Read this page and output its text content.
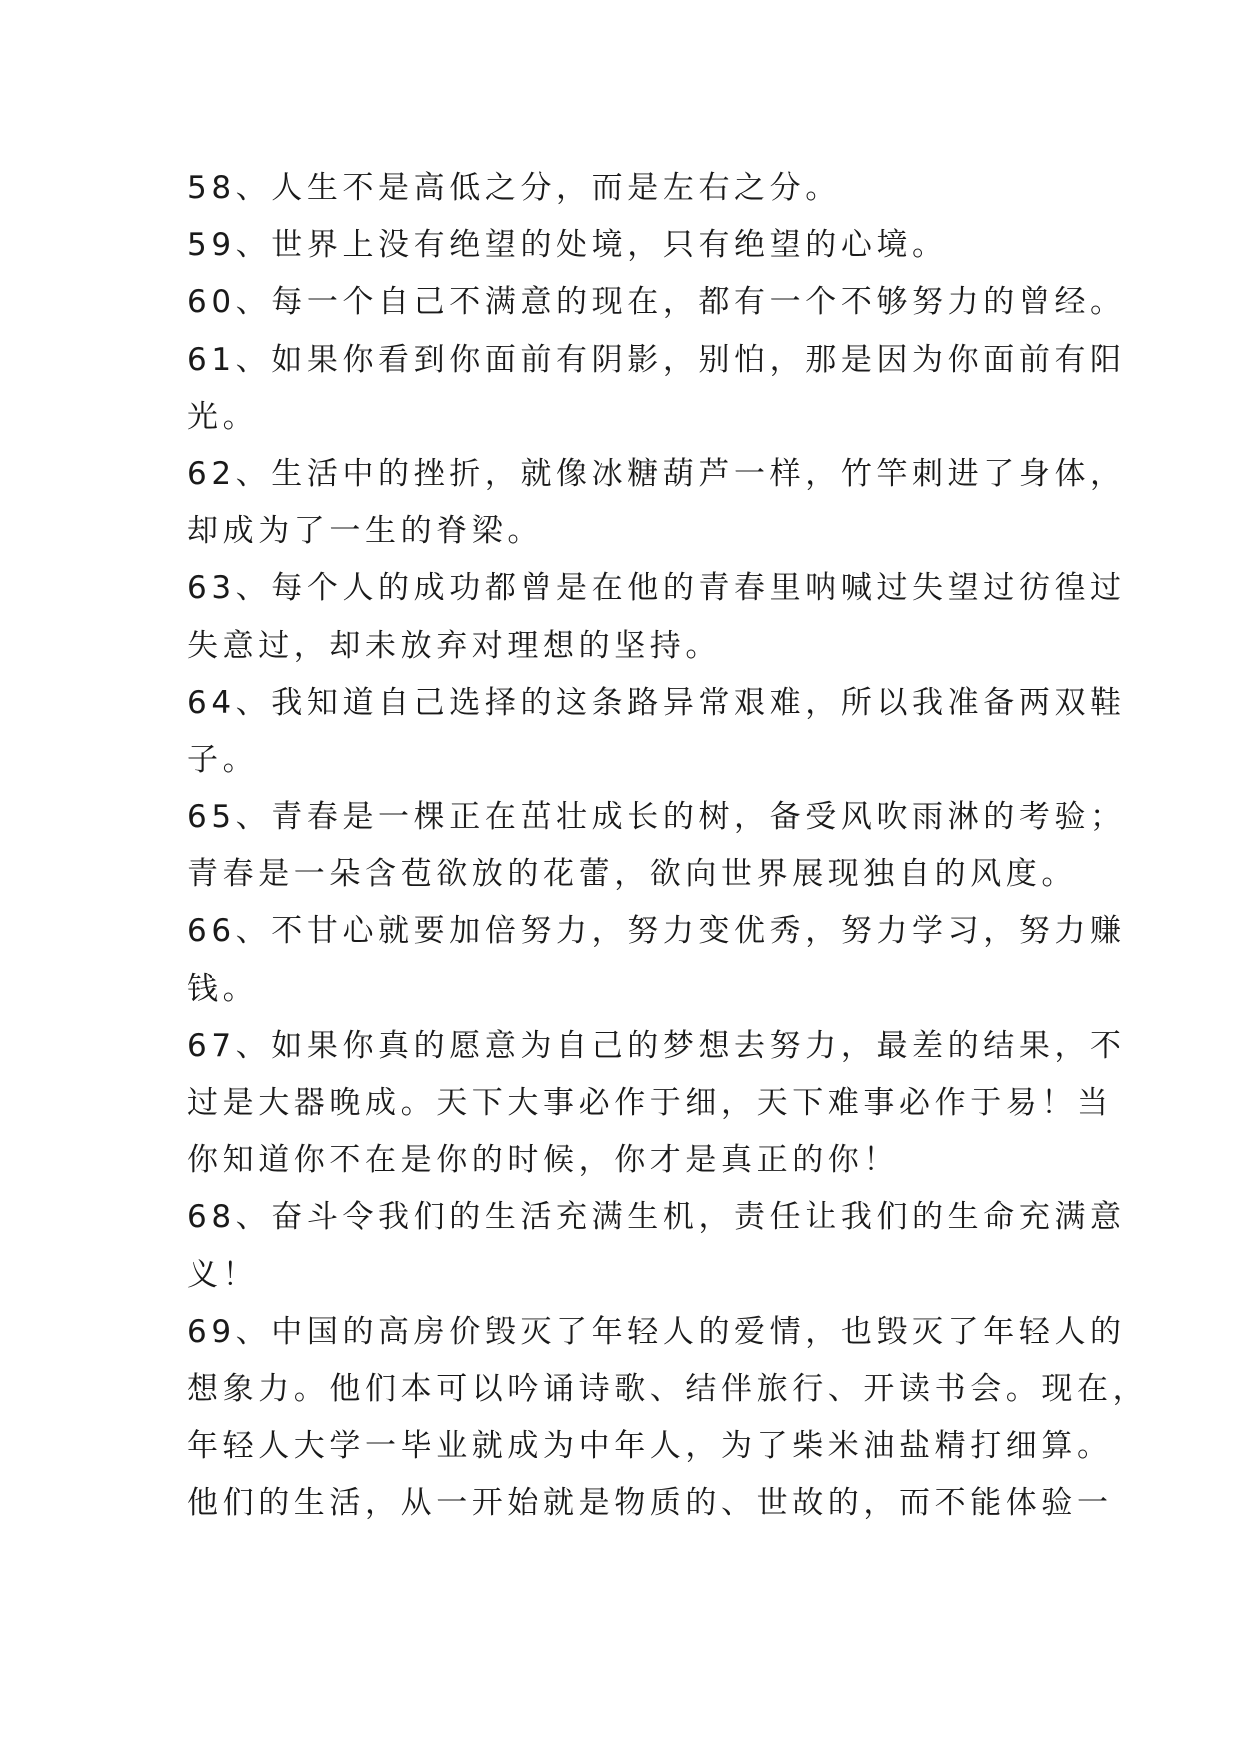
58、人生不是高低之分，而是左右之分。
59、世界上没有绝望的处境，只有绝望的心境。
60、每一个自己不满意的现在，都有一个不够努力的曾经。
61、如果你看到你面前有阴影，别怕，那是因为你面前有阳
光。
62、生活中的挫折，就像冰糖葫芦一样，竹竿刺进了身体，
却成为了一生的脊梁。
63、每个人的成功都曾是在他的青春里呐喊过失望过彷徨过
失意过，却未放弃对理想的坚持。
64、我知道自己选择的这条路异常艰难，所以我准备两双鞋
子。
65、青春是一棵正在茁壮成长的树，备受风吹雨淋的考验；
青春是一朵含苞欲放的花蕾，欲向世界展现独自的风度。
66、不甘心就要加倍努力，努力变优秀，努力学习，努力赚
钱。
67、如果你真的愿意为自己的梦想去努力，最差的结果，不
过是大器晚成。天下大事必作于细，天下难事必作于易！当
你知道你不在是你的时候，你才是真正的你！
68、奋斗令我们的生活充满生机，责任让我们的生命充满意
义！
69、中国的高房价毁灭了年轻人的爱情，也毁灭了年轻人的
想象力。他们本可以吟诵诗歌、结伴旅行、开读书会。现在，
年轻人大学一毕业就成为中年人，为了柴米油盐精打细算。
他们的生活，从一开始就是物质的、世故的，而不能体验一
